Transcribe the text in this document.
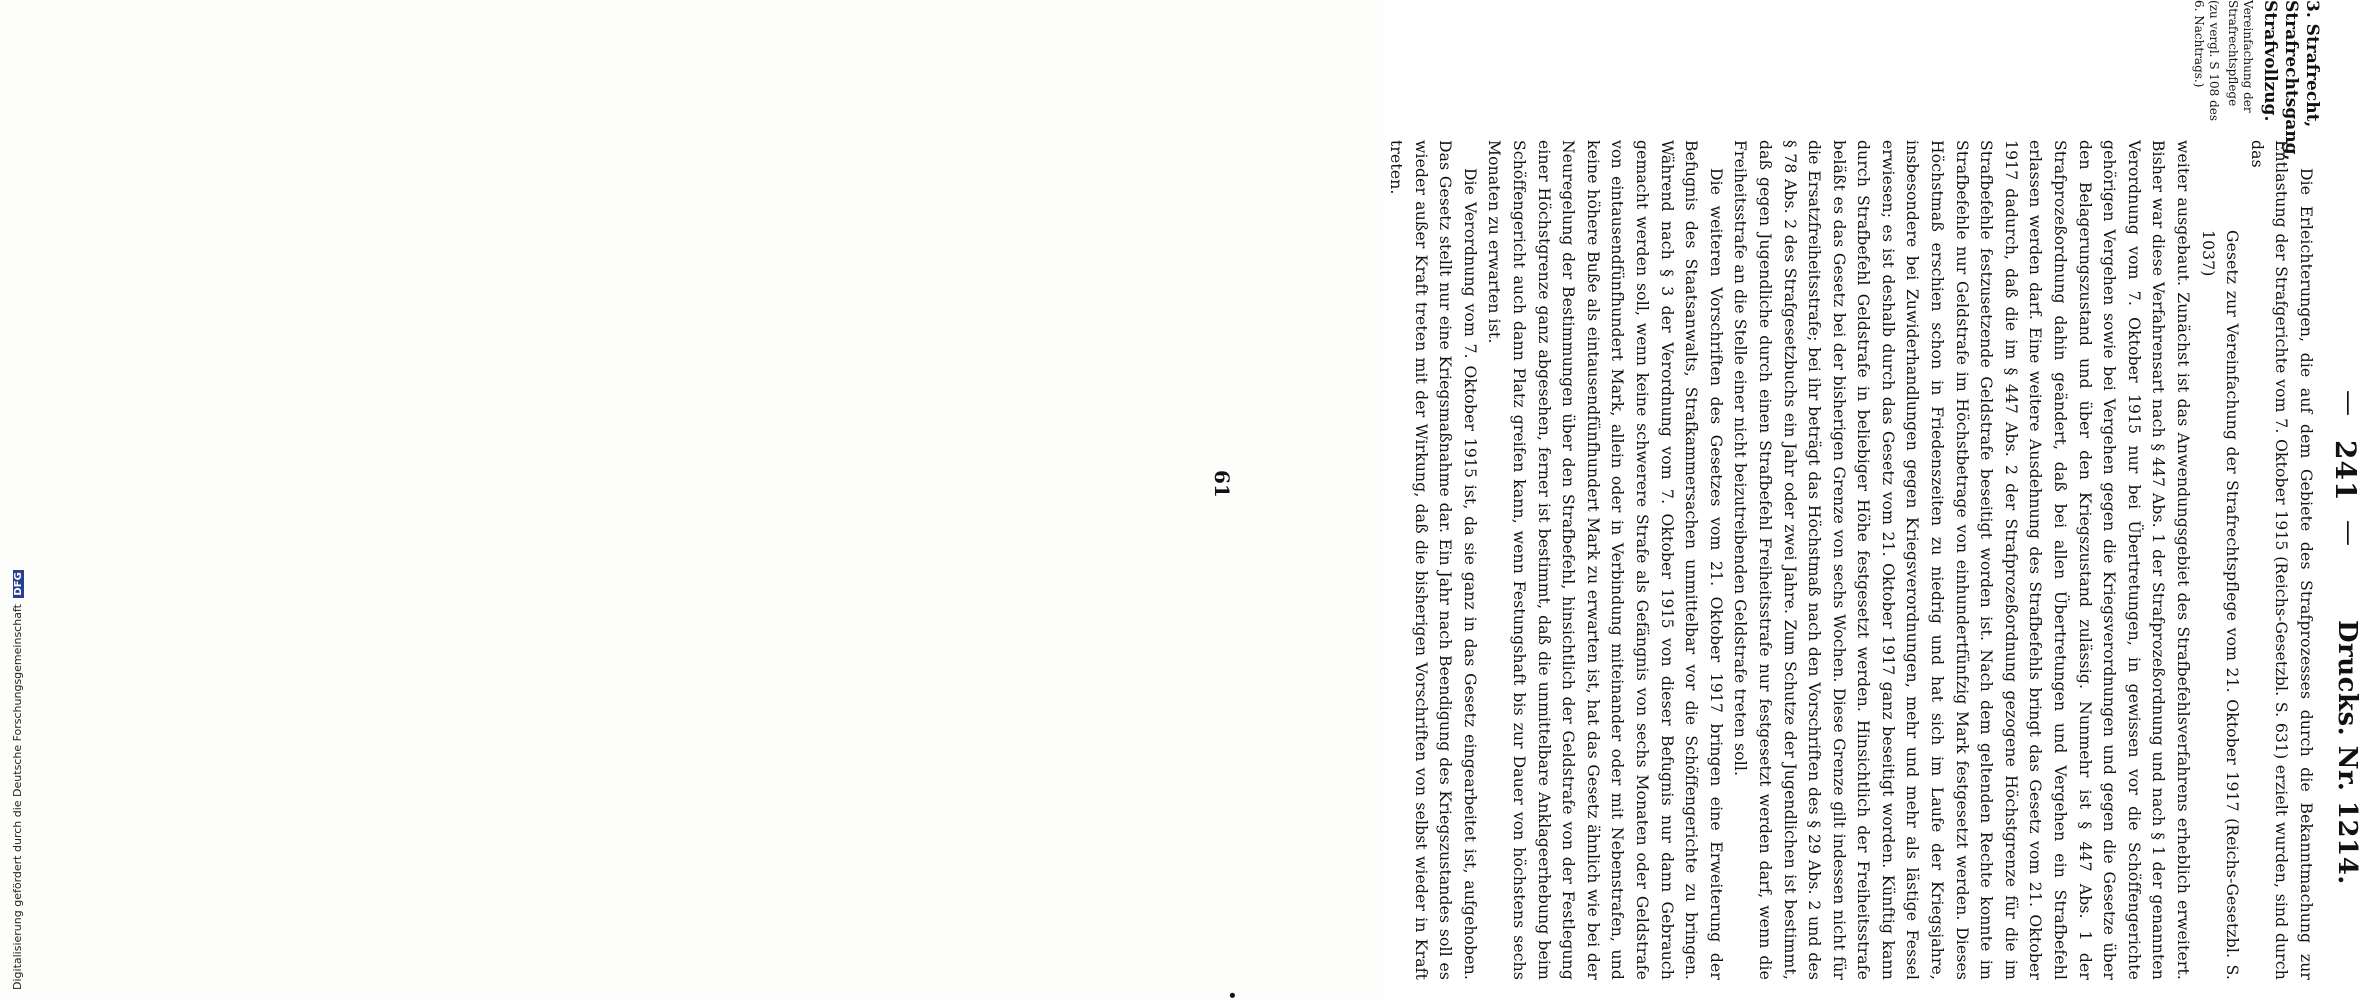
—
241
—
Drucks. Nr. 1214.

3. Strafrecht, Strafrechtsgang, Strafvollzug.

Vereinfachung der Strafrechtspflege

(zu vergl. S 108 des 6. Nachtrags.)

Die Erleichterungen, die auf dem Gebiete des Strafprozesses durch die Bekanntmachung zur Entlastung der Strafgerichte vom 7. Oktober 1915 (Reichs-Gesetzbl. S. 631) erzielt wurden, sind durch das

Gesetz zur Vereinfachung der Strafrechtspflege vom 21. Oktober 1917 (Reichs-Gesetzbl. S. 1037)

weiter ausgebaut. Zunächst ist das Anwendungsgebiet des Strafbefehlsverfahrens erheblich erweitert. Bisher war diese Verfahrensart nach § 447 Abs. 1 der Strafprozeßordnung und nach § 1 der genannten Verordnung vom 7. Oktober 1915 nur bei Übertretungen, in gewissen vor die Schöffengerichte gehörigen Vergehen sowie bei Vergehen gegen die Kriegsverordnungen und gegen die Gesetze über den Belagerungszustand und über den Kriegszustand zulässig. Nunmehr ist § 447 Abs. 1 der Strafprozeßordnung dahin geändert, daß bei allen Übertretungen und Vergehen ein Strafbefehl erlassen werden darf. Eine weitere Ausdehnung des Strafbefehls bringt das Gesetz vom 21. Oktober 1917 dadurch, daß die im § 447 Abs. 2 der Strafprozeßordnung gezogene Höchstgrenze für die im Strafbefehle festzusetzende Geldstrafe beseitigt worden ist. Nach dem geltenden Rechte konnte im Strafbefehle nur Geldstrafe im Höchstbetrage von einhundertfünfzig Mark festgesetzt werden. Dieses Höchstmaß erschien schon in Friedenszeiten zu niedrig und hat sich im Laufe der Kriegsjahre, insbesondere bei Zuwiderhandlungen gegen Kriegsverordnungen, mehr und mehr als lästige Fessel erwiesen; es ist deshalb durch das Gesetz vom 21. Oktober 1917 ganz beseitigt worden. Künftig kann durch Strafbefehl Geldstrafe in beliebiger Höhe festgesetzt werden. Hinsichtlich der Freiheitsstrafe beläßt es das Gesetz bei der bisherigen Grenze von sechs Wochen. Diese Grenze gilt indessen nicht für die Ersatzfreiheitsstrafe; bei ihr beträgt das Höchstmaß nach den Vorschriften des § 29 Abs. 2 und des § 78 Abs. 2 des Strafgesetzbuchs ein Jahr oder zwei Jahre. Zum Schutze der Jugendlichen ist bestimmt, daß gegen Jugendliche durch einen Strafbefehl Freiheitsstrafe nur festgesetzt werden darf, wenn die Freiheitsstrafe an die Stelle einer nicht beizutreibenden Geldstrafe treten soll.

Die weiteren Vorschriften des Gesetzes vom 21. Oktober 1917 bringen eine Erweiterung der Befugnis des Staatsanwalts, Strafkammersachen unmittelbar vor die Schöffengerichte zu bringen. Während nach § 3 der Verordnung vom 7. Oktober 1915 von dieser Befugnis nur dann Gebrauch gemacht werden soll, wenn keine schwerere Strafe als Gefängnis von sechs Monaten oder Geldstrafe von eintausendfünfhundert Mark, allein oder in Verbindung miteinander oder mit Nebenstrafen, und keine höhere Buße als eintausendfünfhundert Mark zu erwarten ist, hat das Gesetz ähnlich wie bei der Neuregelung der Bestimmungen über den Strafbefehl, hinsichtlich der Geldstrafe von der Festlegung einer Höchstgrenze ganz abgesehen, ferner ist bestimmt, daß die unmittelbare Anklageerhebung beim Schöffengericht auch dann Platz greifen kann, wenn Festungshaft bis zur Dauer von höchstens sechs Monaten zu erwarten ist.

Die Verordnung vom 7. Oktober 1915 ist, da sie ganz in das Gesetz eingearbeitet ist, aufgehoben. Das Gesetz stellt nur eine Kriegsmaßnahme dar. Ein Jahr nach Beendigung des Kriegszustandes soll es wieder außer Kraft treten mit der Wirkung, daß die bisherigen Vorschriften von selbst wieder in Kraft treten.

61
•
Digitalisierung gefördert durch die Deutsche Forschungsgemeinschaft DFG
